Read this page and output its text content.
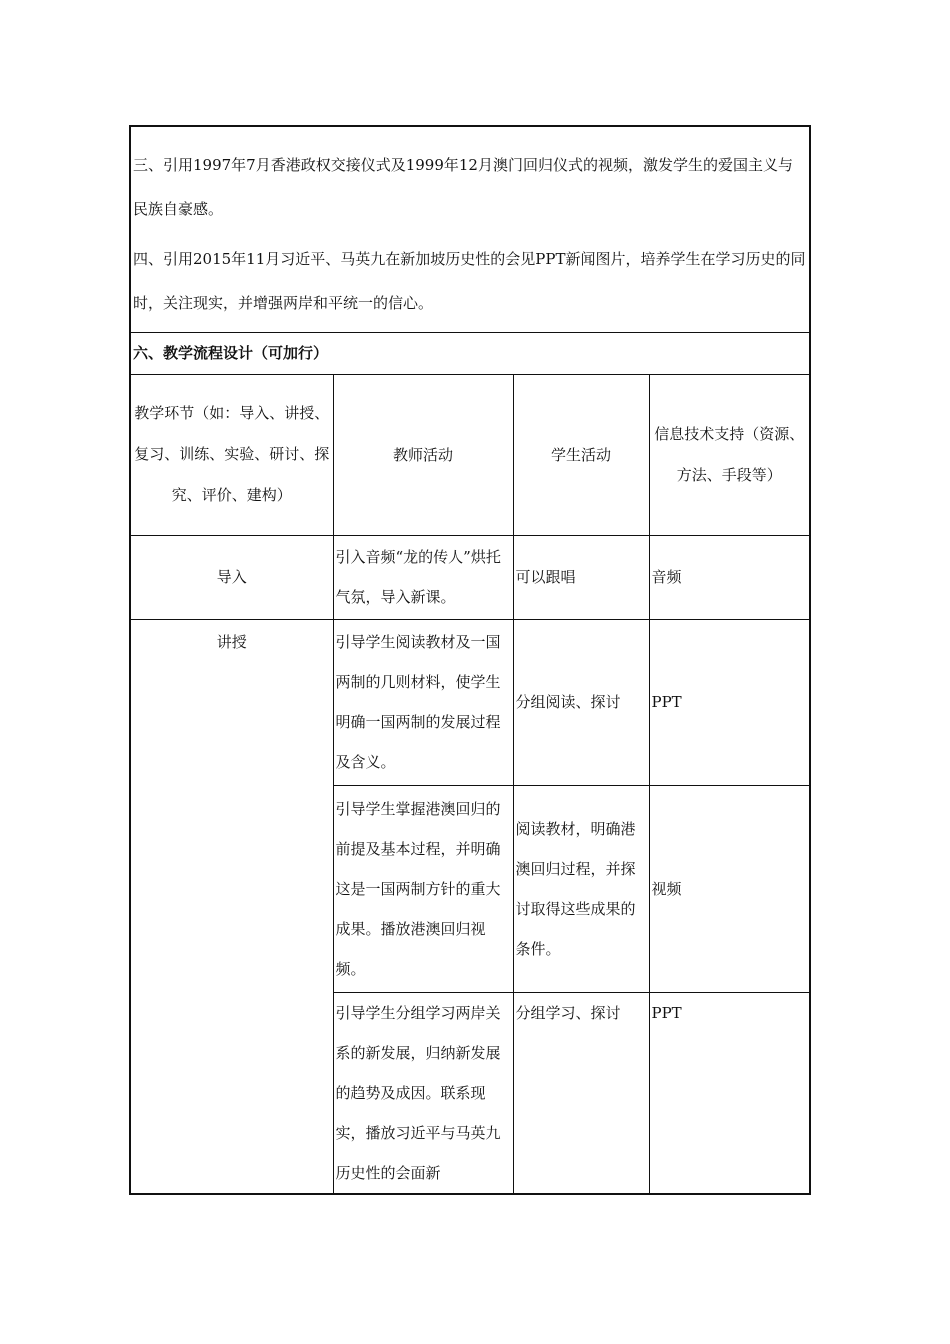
三、引用1997年7月香港政权交接仪式及1999年12月澳门回归仪式的视频，激发学生的爱国主义与民族自豪感。

四、引用2015年11月习近平、马英九在新加坡历史性的会见PPT新闻图片，培养学生在学习历史的同时，关注现实，并增强两岸和平统一的信心。			

六、教学流程设计（可加行）			
教学环节（如：导入、讲授、复习、训练、实验、研讨、探究、评价、建构）	教师活动	学生活动	信息技术支持（资源、方法、手段等）
导入	引入音频“龙的传人”烘托气氛，导入新课。	可以跟唱	音频
讲授	引导学生阅读教材及一国两制的几则材料，使学生明确一国两制的发展过程及含义。	分组阅读、探讨	PPT
	引导学生掌握港澳回归的前提及基本过程，并明确这是一国两制方针的重大成果。播放港澳回归视频。	阅读教材，明确港澳回归过程，并探讨取得这些成果的条件。	视频
	引导学生分组学习两岸关系的新发展，归纳新发展的趋势及成因。联系现实，播放习近平与马英九历史性的会面新	分组学习、探讨	PPT
